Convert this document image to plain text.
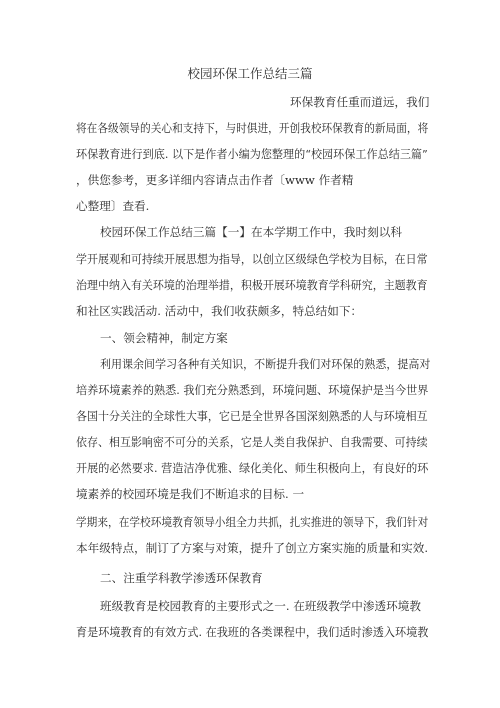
校园环保工作总结三篇
环保教育任重而道远，我们
将在各级领导的关心和支持下，与时俱进，开创我校环保教育的新局面，将
环保教育进行到底. 以下是作者小编为您整理的“校园环保工作总结三篇”
，供您参考，更多详细内容请点击作者〔www 作者精
心整理〕查看.
校园环保工作总结三篇【一】在本学期工作中，我时刻以科
学开展观和可持续开展思想为指导，以创立区级绿色学校为目标，在日常
治理中纳入有关环境的治理举措，积极开展环境教育学科研究，主题教育
和社区实践活动. 活动中，我们收获颇多，特总结如下：
一、领会精神，制定方案
利用课余间学习各种有关知识，不断提升我们对环保的熟悉，提高对
培养环境素养的熟悉. 我们充分熟悉到，环境问题、环境保护是当今世界
各国十分关注的全球性大事，它已是全世界各国深刻熟悉的人与环境相互
依存、相互影响密不可分的关系，它是人类自我保护、自我需要、可持续
开展的必然要求. 营造洁净优雅、绿化美化、师生积极向上，有良好的环
境素养的校园环境是我们不断追求的目标. 一
学期来，在学校环境教育领导小组全力共抓，扎实推进的领导下，我们针对
本年级特点，制订了方案与对策，提升了创立方案实施的质量和实效.
二、注重学科教学渗透环保教育
班级教育是校园教育的主要形式之一. 在班级教学中渗透环境教
育是环境教育的有效方式. 在我班的各类课程中，我们适时渗透入环境教
